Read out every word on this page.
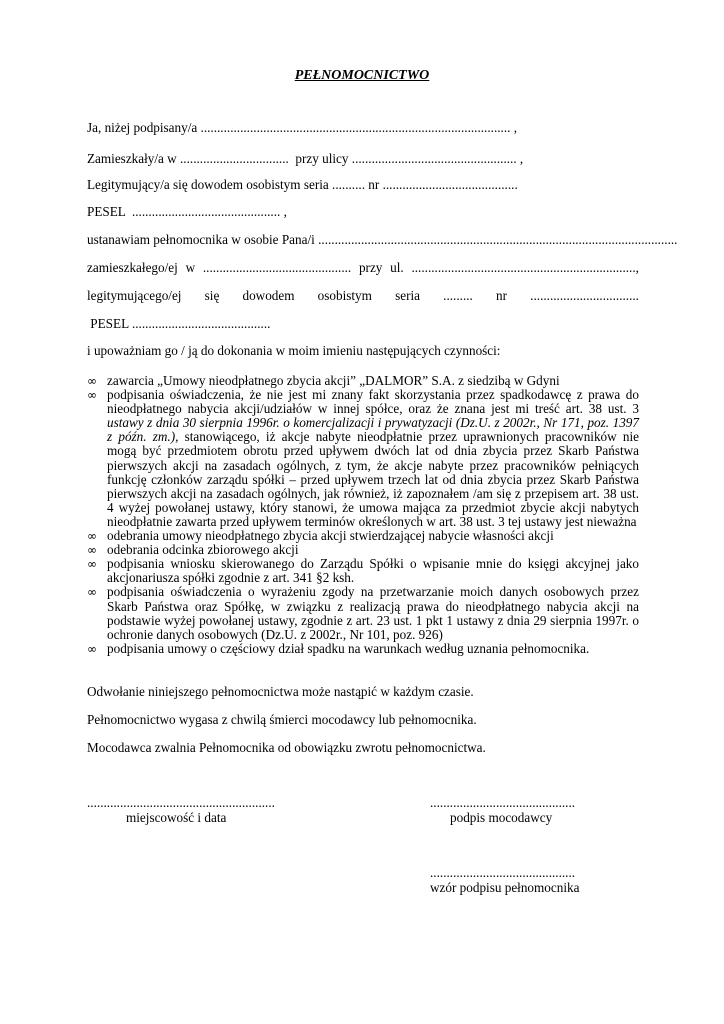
PEŁNOMOCNICTWO
Ja, niżej podpisany/a .............................................................................................. ,
Zamieszkały/a w .................................  przy ulicy .................................................. ,
Legitymujący/a się dowodem osobistym seria .......... nr .........................................
PESEL  ............................................. ,
ustanawiam pełnomocnika w osobie Pana/i .............................................................................................................
zamieszkałego/ej w ............................................. przy ul. ....................................................................,
legitymującego/ej się dowodem osobistym seria ......... nr .................................
PESEL ..........................................
i upoważniam go / ją do dokonania w moim imieniu następujących czynności:
∞ zawarcia „Umowy nieodpłatnego zbycia akcji” „DALMOR” S.A. z siedzibą w Gdyni
∞ podpisania oświadczenia, że nie jest mi znany fakt skorzystania przez spadkodawcę z prawa do nieodpłatnego nabycia akcji/udziałów w innej spółce, oraz że znana jest mi treść art. 38 ust. 3 ustawy z dnia 30 sierpnia 1996r. o komercjalizacji i prywatyzacji (Dz.U. z 2002r., Nr 171, poz. 1397 z późn. zm.), stanowiącego, iż akcje nabyte nieodpłatnie przez uprawnionych pracowników nie mogą być przedmiotem obrotu przed upływem dwóch lat od dnia zbycia przez Skarb Państwa pierwszych akcji na zasadach ogólnych, z tym, że akcje nabyte przez pracowników pełniących funkcję członków zarządu spółki – przed upływem trzech lat od dnia zbycia przez Skarb Państwa pierwszych akcji na zasadach ogólnych, jak również, iż zapoznałem /am się z przepisem art. 38 ust. 4 wyżej powołanej ustawy, który stanowi, że umowa mająca za przedmiot zbycie akcji nabytych nieodpłatnie zawarta przed upływem terminów określonych w art. 38 ust. 3 tej ustawy jest nieważna
∞ odebrania umowy nieodpłatnego zbycia akcji stwierdzającej nabycie własności akcji
∞ odebrania odcinka zbiorowego akcji
∞ podpisania wniosku skierowanego do Zarządu Spółki o wpisanie mnie do księgi akcyjnej jako akcjonariusza spółki zgodnie z art. 341 §2 ksh.
∞ podpisania oświadczenia o wyrażeniu zgody na przetwarzanie moich danych osobowych przez Skarb Państwa oraz Spółkę, w związku z realizacją prawa do nieodpłatnego nabycia akcji na podstawie wyżej powołanej ustawy, zgodnie z art. 23 ust. 1 pkt 1 ustawy z dnia 29 sierpnia 1997r. o ochronie danych osobowych (Dz.U. z 2002r., Nr 101, poz. 926)
∞ podpisania umowy o częściowy dział spadku na warunkach według uznania pełnomocnika.
Odwołanie niniejszego pełnomocnictwa może nastąpić w każdym czasie.
Pełnomocnictwo wygasa z chwilą śmierci mocodawcy lub pełnomocnika.
Mocodawca zwalnia Pełnomocnika od obowiązku zwrotu pełnomocnictwa.
.........................................................
miejscowość i data
............................................
podpis mocodawcy
............................................
wzór podpisu pełnomocnika
